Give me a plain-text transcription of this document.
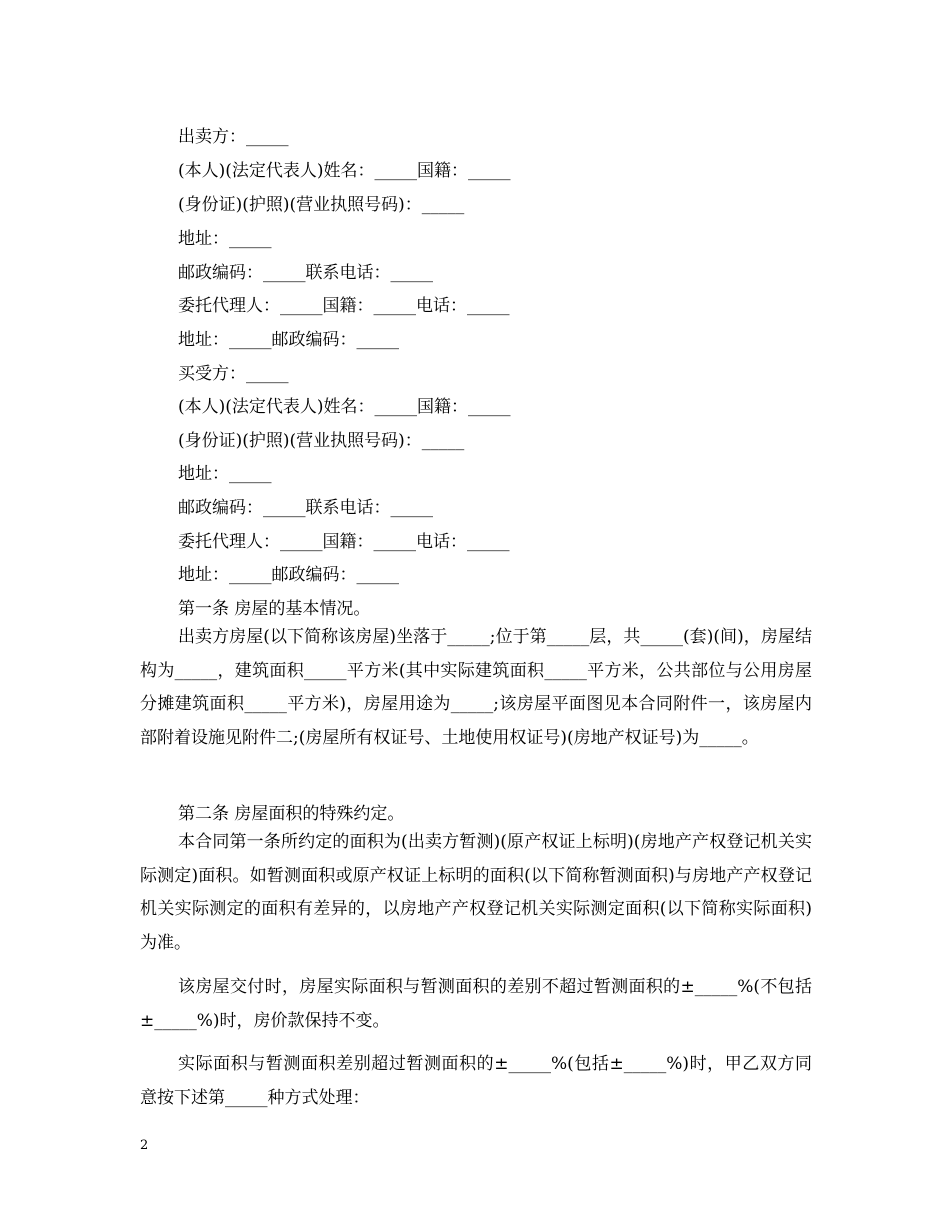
出卖方：_____
(本人)(法定代表人)姓名：_____国籍：_____
(身份证)(护照)(营业执照号码)：_____
地址：_____
邮政编码：_____联系电话：_____
委托代理人：_____国籍：_____电话：_____
地址：_____邮政编码：_____
买受方：_____
(本人)(法定代表人)姓名：_____国籍：_____
(身份证)(护照)(营业执照号码)：_____
地址：_____
邮政编码：_____联系电话：_____
委托代理人：_____国籍：_____电话：_____
地址：_____邮政编码：_____
第一条 房屋的基本情况。

出卖方房屋(以下简称该房屋)坐落于_____;位于第_____层，共_____(套)(间)，房屋结构为_____，建筑面积_____平方米(其中实际建筑面积_____平方米，公共部位与公用房屋分摊建筑面积_____平方米)，房屋用途为_____;该房屋平面图见本合同附件一，该房屋内部附着设施见附件二;(房屋所有权证号、土地使用权证号)(房地产权证号)为_____。

第二条 房屋面积的特殊约定。

本合同第一条所约定的面积为(出卖方暂测)(原产权证上标明)(房地产产权登记机关实际测定)面积。如暂测面积或原产权证上标明的面积(以下简称暂测面积)与房地产产权登记机关实际测定的面积有差异的，以房地产产权登记机关实际测定面积(以下简称实际面积)为准。

该房屋交付时，房屋实际面积与暂测面积的差别不超过暂测面积的±_____%(不包括±_____%)时，房价款保持不变。

实际面积与暂测面积差别超过暂测面积的±_____%(包括±_____%)时，甲乙双方同意按下述第_____种方式处理：

2
